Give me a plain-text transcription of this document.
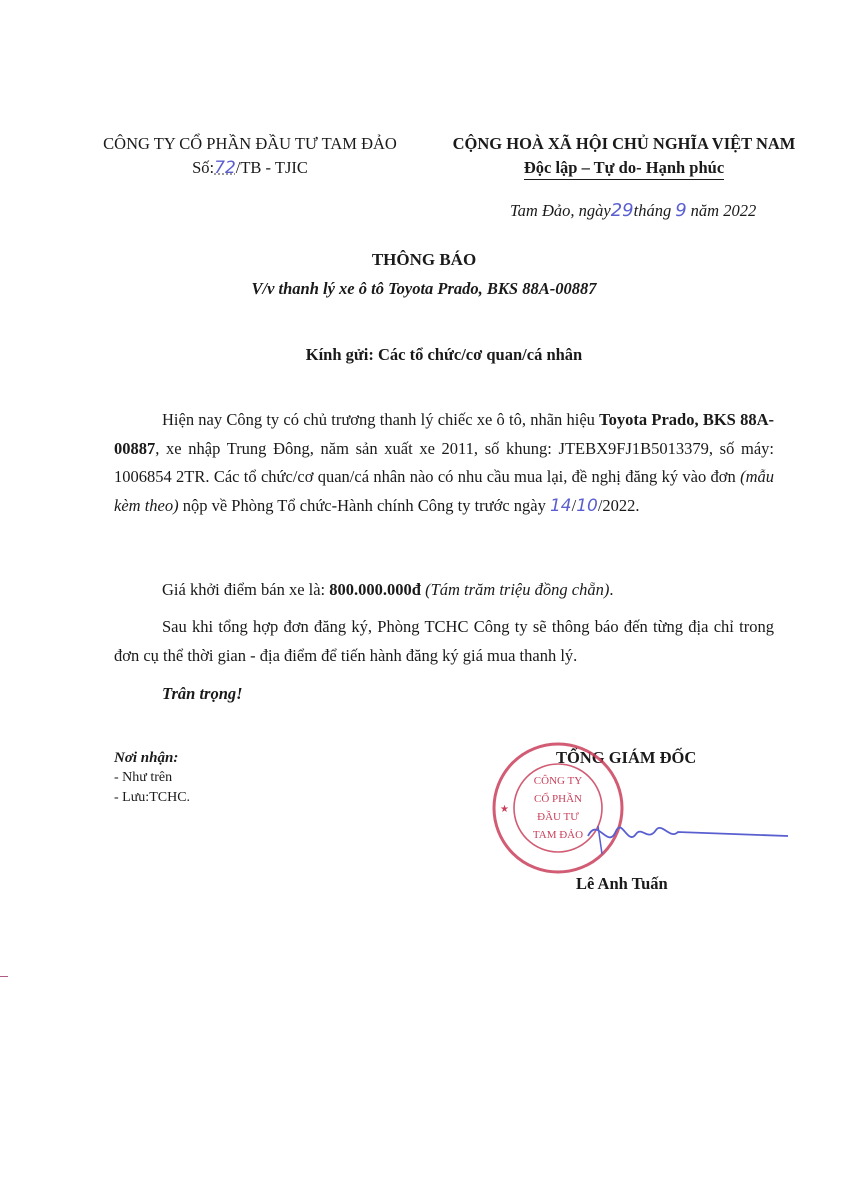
CÔNG TY CỔ PHẦN ĐẦU TƯ TAM ĐẢO
Số:72/TB - TJIC
CỘNG HOÀ XÃ HỘI CHỦ NGHĨA VIỆT NAM
Độc lập – Tự do- Hạnh phúc
Tam Đảo, ngày29tháng 9 năm 2022
THÔNG BÁO
V/v thanh lý xe ô tô Toyota Prado, BKS 88A-00887
Kính gửi: Các tổ chức/cơ quan/cá nhân
Hiện nay Công ty có chủ trương thanh lý chiếc xe ô tô, nhãn hiệu Toyota Prado, BKS 88A-00887, xe nhập Trung Đông, năm sản xuất xe 2011, số khung: JTEBX9FJ1B5013379, số máy: 1006854 2TR. Các tổ chức/cơ quan/cá nhân nào có nhu cầu mua lại, đề nghị đăng ký vào đơn (mẫu kèm theo) nộp về Phòng Tổ chức-Hành chính Công ty trước ngày 14/10/2022.
Giá khởi điểm bán xe là: 800.000.000đ (Tám trăm triệu đồng chẵn).
Sau khi tổng hợp đơn đăng ký, Phòng TCHC Công ty sẽ thông báo đến từng địa chỉ trong đơn cụ thể thời gian - địa điểm để tiến hành đăng ký giá mua thanh lý.
Trân trọng!
Nơi nhận:
- Như trên
- Lưu:TCHC.
TỔNG GIÁM ĐỐC
CÔNG TY
CỔ PHẦN
ĐẦU TƯ
TAM ĐẢO
★
Lê Anh Tuấn
